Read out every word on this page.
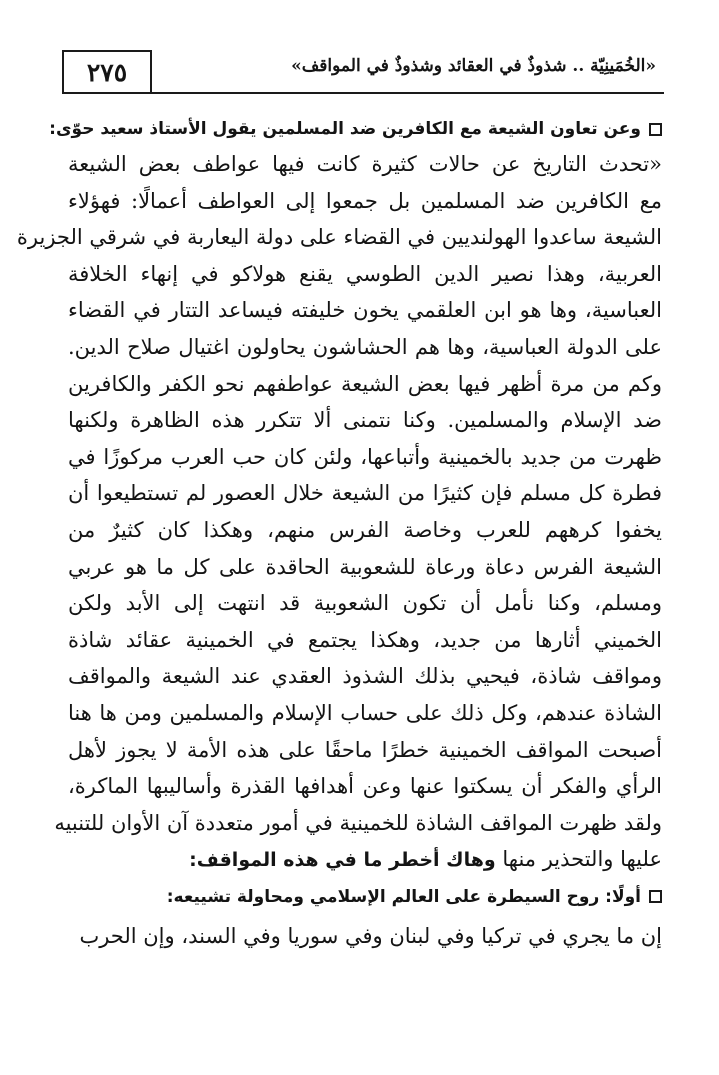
٢٧٥	«الخُمَينِيّة .. شذوذٌ في العقائد وشذوذٌ في المواقف»
وعن تعاون الشيعة مع الكافرين ضد المسلمين يقول الأستاذ سعيد حوّى:
«تحدث التاريخ عن حالات كثيرة كانت فيها عواطف بعض الشيعة
مع الكافرين ضد المسلمين بل جمعوا إلى العواطف أعمالًا: فهؤلاء
الشيعة ساعدوا الهولنديين في القضاء على دولة اليعاربة في شرقي الجزيرة
العربية، وهذا نصير الدين الطوسي يقنع هولاكو في إنهاء الخلافة
العباسية، وها هو ابن العلقمي يخون خليفته فيساعد التتار في القضاء
على الدولة العباسية، وها هم الحشاشون يحاولون اغتيال صلاح الدين.
وكم من مرة أظهر فيها بعض الشيعة عواطفهم نحو الكفر والكافرين
ضد الإسلام والمسلمين. وكنا نتمنى ألا تتكرر هذه الظاهرة ولكنها
ظهرت من جديد بالخمينية وأتباعها، ولئن كان حب العرب مركوزًا في
فطرة كل مسلم فإن كثيرًا من الشيعة خلال العصور لم تستطيعوا أن
يخفوا كرههم للعرب وخاصة الفرس منهم، وهكذا كان كثيرٌ من
الشيعة الفرس دعاة ورعاة للشعوبية الحاقدة على كل ما هو عربي
ومسلم، وكنا نأمل أن تكون الشعوبية قد انتهت إلى الأبد ولكن
الخميني أثارها من جديد، وهكذا يجتمع في الخمينية عقائد شاذة
ومواقف شاذة، فيحيي بذلك الشذوذ العقدي عند الشيعة والمواقف
الشاذة عندهم، وكل ذلك على حساب الإسلام والمسلمين ومن ها هنا
أصبحت المواقف الخمينية خطرًا ماحقًا على هذه الأمة لا يجوز لأهل
الرأي والفكر أن يسكتوا عنها وعن أهدافها القذرة وأساليبها الماكرة،
ولقد ظهرت المواقف الشاذة للخمينية في أمور متعددة آن الأوان للتنبيه
عليها والتحذير منها وهاك أخطر ما في هذه المواقف:
أولًا: روح السيطرة على العالم الإسلامي ومحاولة تشييعه:
إن ما يجري في تركيا وفي لبنان وفي سوريا وفي السند، وإن الحرب
